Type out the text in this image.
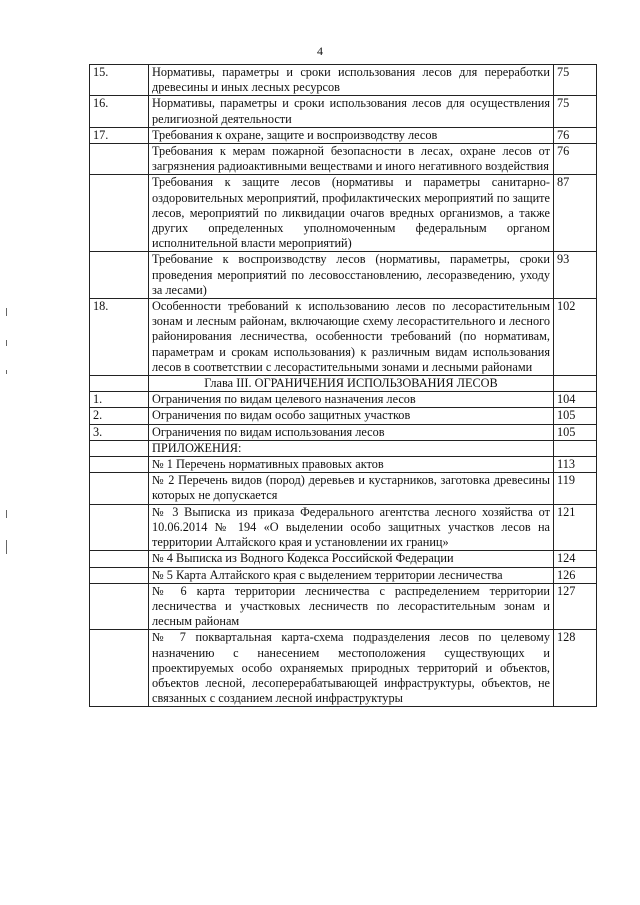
4
15.	Нормативы, параметры и сроки использования лесов для переработки древесины и иных лесных ресурсов	75
16.	Нормативы, параметры и сроки использования лесов для осуществления религиозной деятельности	75
17.	Требования к охране, защите и воспроизводству лесов	76
	Требования к мерам пожарной безопасности в лесах, охране лесов от загрязнения радиоактивными веществами и иного негативного воздействия	76
	Требования к защите лесов (нормативы и параметры санитарно-оздоровительных мероприятий, профилактических мероприятий по защите лесов, мероприятий по ликвидации очагов вредных организмов, а также других определенных уполномоченным федеральным органом исполнительной власти мероприятий)	87
	Требование к воспроизводству лесов (нормативы, параметры, сроки проведения мероприятий по лесовосстановлению, лесоразведению, уходу за лесами)	93
18.	Особенности требований к использованию лесов по лесорастительным зонам и лесным районам, включающие схему лесорастительного и лесного районирования лесничества, особенности требований (по нормативам, параметрам и срокам использования) к различным видам использования лесов в соответствии с лесорастительными зонами и лесными районами	102
	Глава III. ОГРАНИЧЕНИЯ ИСПОЛЬЗОВАНИЯ ЛЕСОВ	
1.	Ограничения по видам целевого назначения лесов	104
2.	Ограничения по видам особо защитных участков	105
3.	Ограничения по видам использования лесов	105
	ПРИЛОЖЕНИЯ:	
	№ 1 Перечень нормативных правовых актов	113
	№ 2 Перечень видов (пород) деревьев и кустарников, заготовка древесины которых не допускается	119
	№ 3 Выписка из приказа Федерального агентства лесного хозяйства от 10.06.2014 № 194 «О выделении особо защитных участков лесов на территории Алтайского края и установлении их границ»	121
	№ 4 Выписка из Водного Кодекса Российской Федерации	124
	№ 5 Карта Алтайского края с выделением территории лесничества	126
	№ 6 карта территории лесничества с распределением территории лесничества и участковых лесничеств по лесорастительным зонам и лесным районам	127
	№ 7 поквартальная карта-схема подразделения лесов по целевому назначению с нанесением местоположения существующих и проектируемых особо охраняемых природных территорий и объектов, объектов лесной, лесоперерабатывающей инфраструктуры, объектов, не связанных с созданием лесной инфраструктуры	128
